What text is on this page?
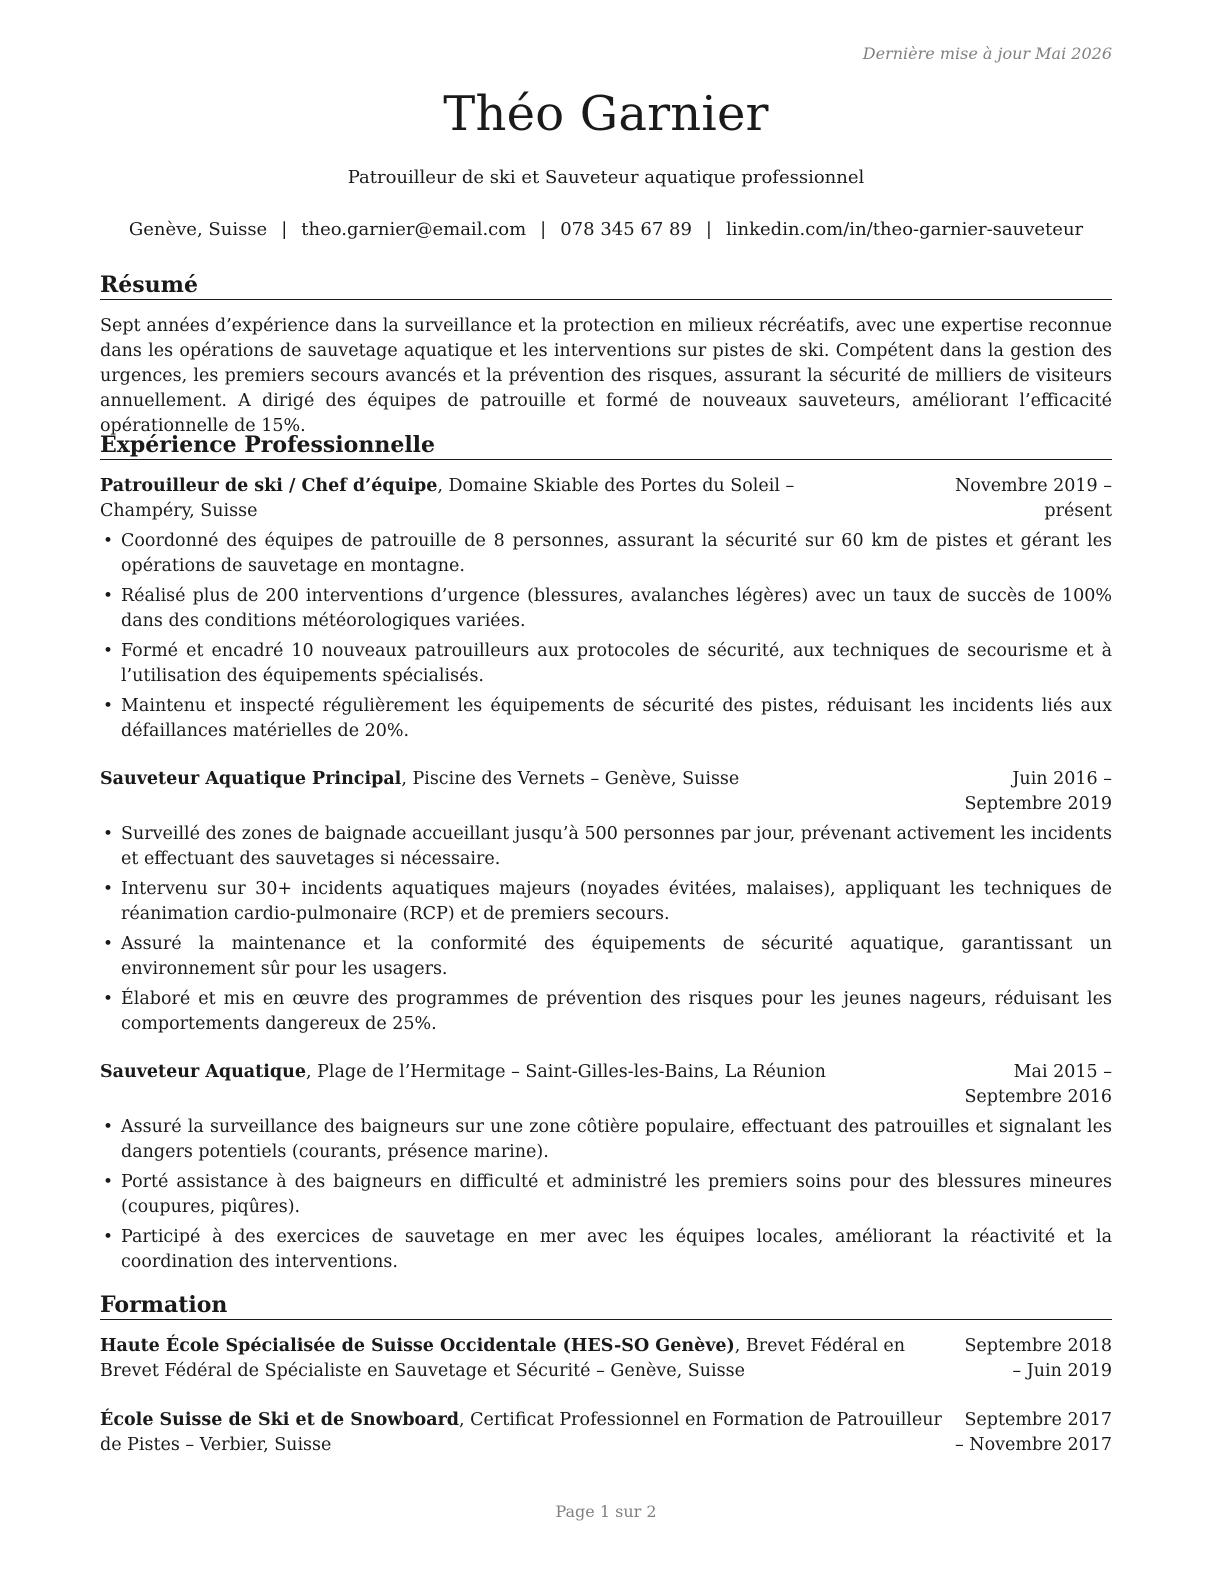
Dernière mise à jour Mai 2026
Théo Garnier
Patrouilleur de ski et Sauveteur aquatique professionnel
Genève, Suisse | theo.garnier@email.com | 078 345 67 89 | linkedin.com/in/theo-garnier-sauveteur
Résumé

Sept années d’expérience dans la surveillance et la protection en milieux récréatifs, avec une expertise reconnue dans les opérations de sauvetage aquatique et les interventions sur pistes de ski. Compétent dans la gestion des urgences, les premiers secours avancés et la prévention des risques, assurant la sécurité de milliers de visiteurs annuellement. A dirigé des équipes de patrouille et formé de nouveaux sauveteurs, améliorant l’efficacité opérationnelle de 15%.

Expérience Professionnelle
Patrouilleur de ski / Chef d’équipe, Domaine Skiable des Portes du Soleil – Champéry, Suisse
Novembre 2019 – présent
• Coordonné des équipes de patrouille de 8 personnes, assurant la sécurité sur 60 km de pistes et gérant les opérations de sauvetage en montagne.
• Réalisé plus de 200 interventions d’urgence (blessures, avalanches légères) avec un taux de succès de 100% dans des conditions météorologiques variées.
• Formé et encadré 10 nouveaux patrouilleurs aux protocoles de sécurité, aux techniques de secourisme et à l’utilisation des équipements spécialisés.
• Maintenu et inspecté régulièrement les équipements de sécurité des pistes, réduisant les incidents liés aux défaillances matérielles de 20%.
Sauveteur Aquatique Principal, Piscine des Vernets – Genève, Suisse	Juin 2016 – Septembre 2019
• Surveillé des zones de baignade accueillant jusqu’à 500 personnes par jour, prévenant activement les incidents et effectuant des sauvetages si nécessaire.
• Intervenu sur 30+ incidents aquatiques majeurs (noyades évitées, malaises), appliquant les techniques de réanimation cardio-pulmonaire (RCP) et de premiers secours.
• Assuré la maintenance et la conformité des équipements de sécurité aquatique, garantissant un environnement sûr pour les usagers.
• Élaboré et mis en œuvre des programmes de prévention des risques pour les jeunes nageurs, réduisant les comportements dangereux de 25%.
Sauveteur Aquatique, Plage de l’Hermitage – Saint-Gilles-les-Bains, La Réunion	Mai 2015 – Septembre 2016
• Assuré la surveillance des baigneurs sur une zone côtière populaire, effectuant des patrouilles et signalant les dangers potentiels (courants, présence marine).
• Porté assistance à des baigneurs en difficulté et administré les premiers soins pour des blessures mineures (coupures, piqûres).
• Participé à des exercices de sauvetage en mer avec les équipes locales, améliorant la réactivité et la coordination des interventions.
Formation
Haute École Spécialisée de Suisse Occidentale (HES-SO Genève), Brevet Fédéral en Brevet Fédéral de Spécialiste en Sauvetage et Sécurité – Genève, Suisse
Septembre 2018 – Juin 2019
École Suisse de Ski et de Snowboard, Certificat Professionnel en Formation de Patrouilleur de Pistes – Verbier, Suisse
Septembre 2017 – Novembre 2017
Page 1 sur 2
